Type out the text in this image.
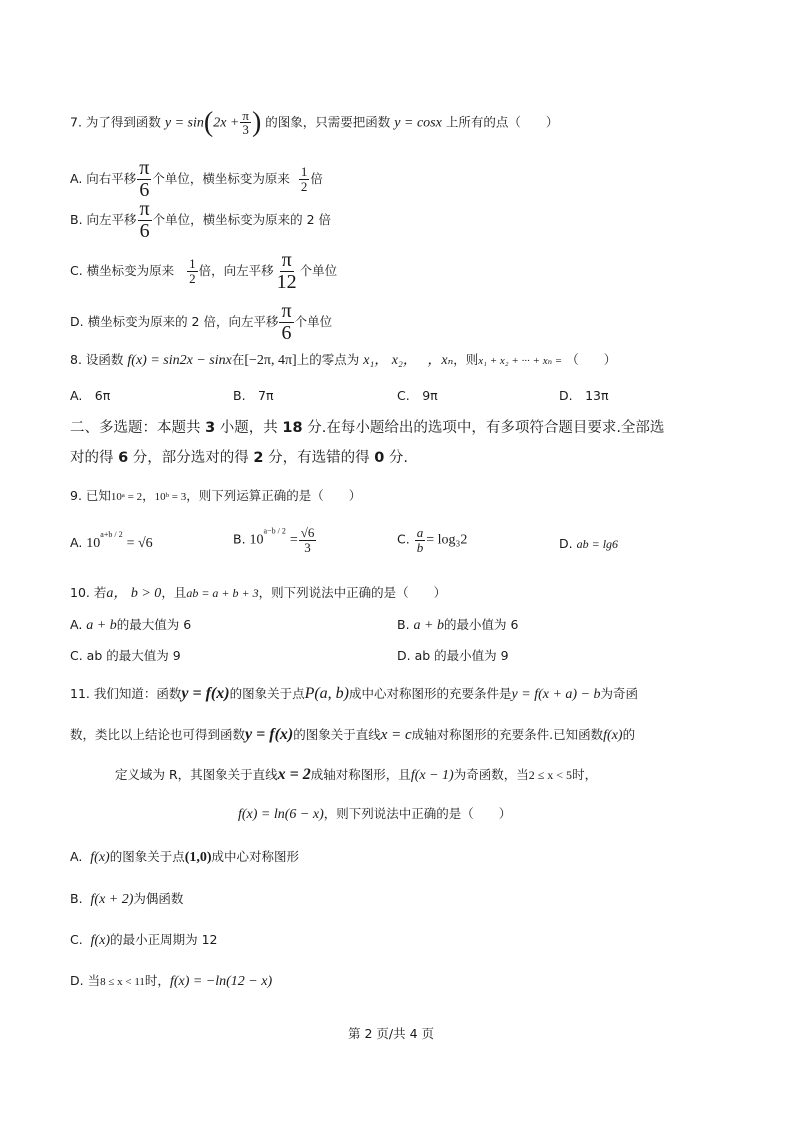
7. 为了得到函数 $y = \sin(2x + \frac{\pi}{3}$ ) 的图象，只需要把函数 y = cosx 上所有的点（　　）
A. 向右平移 $\frac{\pi}{6}$ 个单位，横坐标变为原来 $\frac{1}{2}$ 倍
B. 向左平移 $\frac{\pi}{6}$ 个单位，横坐标变为原来的 2 倍
C. 横坐标变为原来 $\frac{1}{2}$ 倍，向左平移 $\frac{\pi}{12}$ 个单位
D. 横坐标变为原来的 2 倍，向左平移 $\frac{\pi}{6}$ 个单位
8. 设函数 f(x) = sin2x − sinx在[−2π, 4π]上的零点为 x₁， x₂，　 ，xₙ，则x₁ + x₂ + ··· + xₙ = （　　）
A.　6π	B.　7π	C.　9π	D.　13π
二、多选题：本题共 3 小题，共 18 分.在每小题给出的选项中，有多项符合题目要求.全部选
对的得 6 分，部分选对的得 2 分，有选错的得 0 分.
9. 已知10ᵃ = 2，10ᵇ = 3，则下列运算正确的是（　　）
A. $10^{a+b / 2} = √6$	B. $10^{a-b / 2} = \frac{√6}{3}$	C. $\frac{a}{b} = \log_32$	D. ab = lg6
10. 若a， b > 0，且ab = a + b + 3，则下列说法中正确的是（　　）
A. a + b的最大值为 6	B. a + b的最小值为 6
C. ab 的最大值为 9	D. ab 的最小值为 9
11. 我们知道：函数y = f(x)的图象关于点P(a, b)成中心对称图形的充要条件是y = f(x + a) − b为奇函
数，类比以上结论也可得到函数y = f(x)的图象关于直线x = c成轴对称图形的充要条件.已知函数f(x)的
定义域为 R，其图象关于直线x = 2成轴对称图形，且f(x − 1)为奇函数，当2 ≤ x < 5时，
f(x) = ln(6 − x)，则下列说法中正确的是（　　）
A. f(x)的图象关于点(1,0)成中心对称图形
B. f(x + 2)为偶函数
C. f(x)的最小正周期为 12
D. 当8 ≤ x < 11时，f(x) = −ln(12 − x)
第 2 页/共 4 页
